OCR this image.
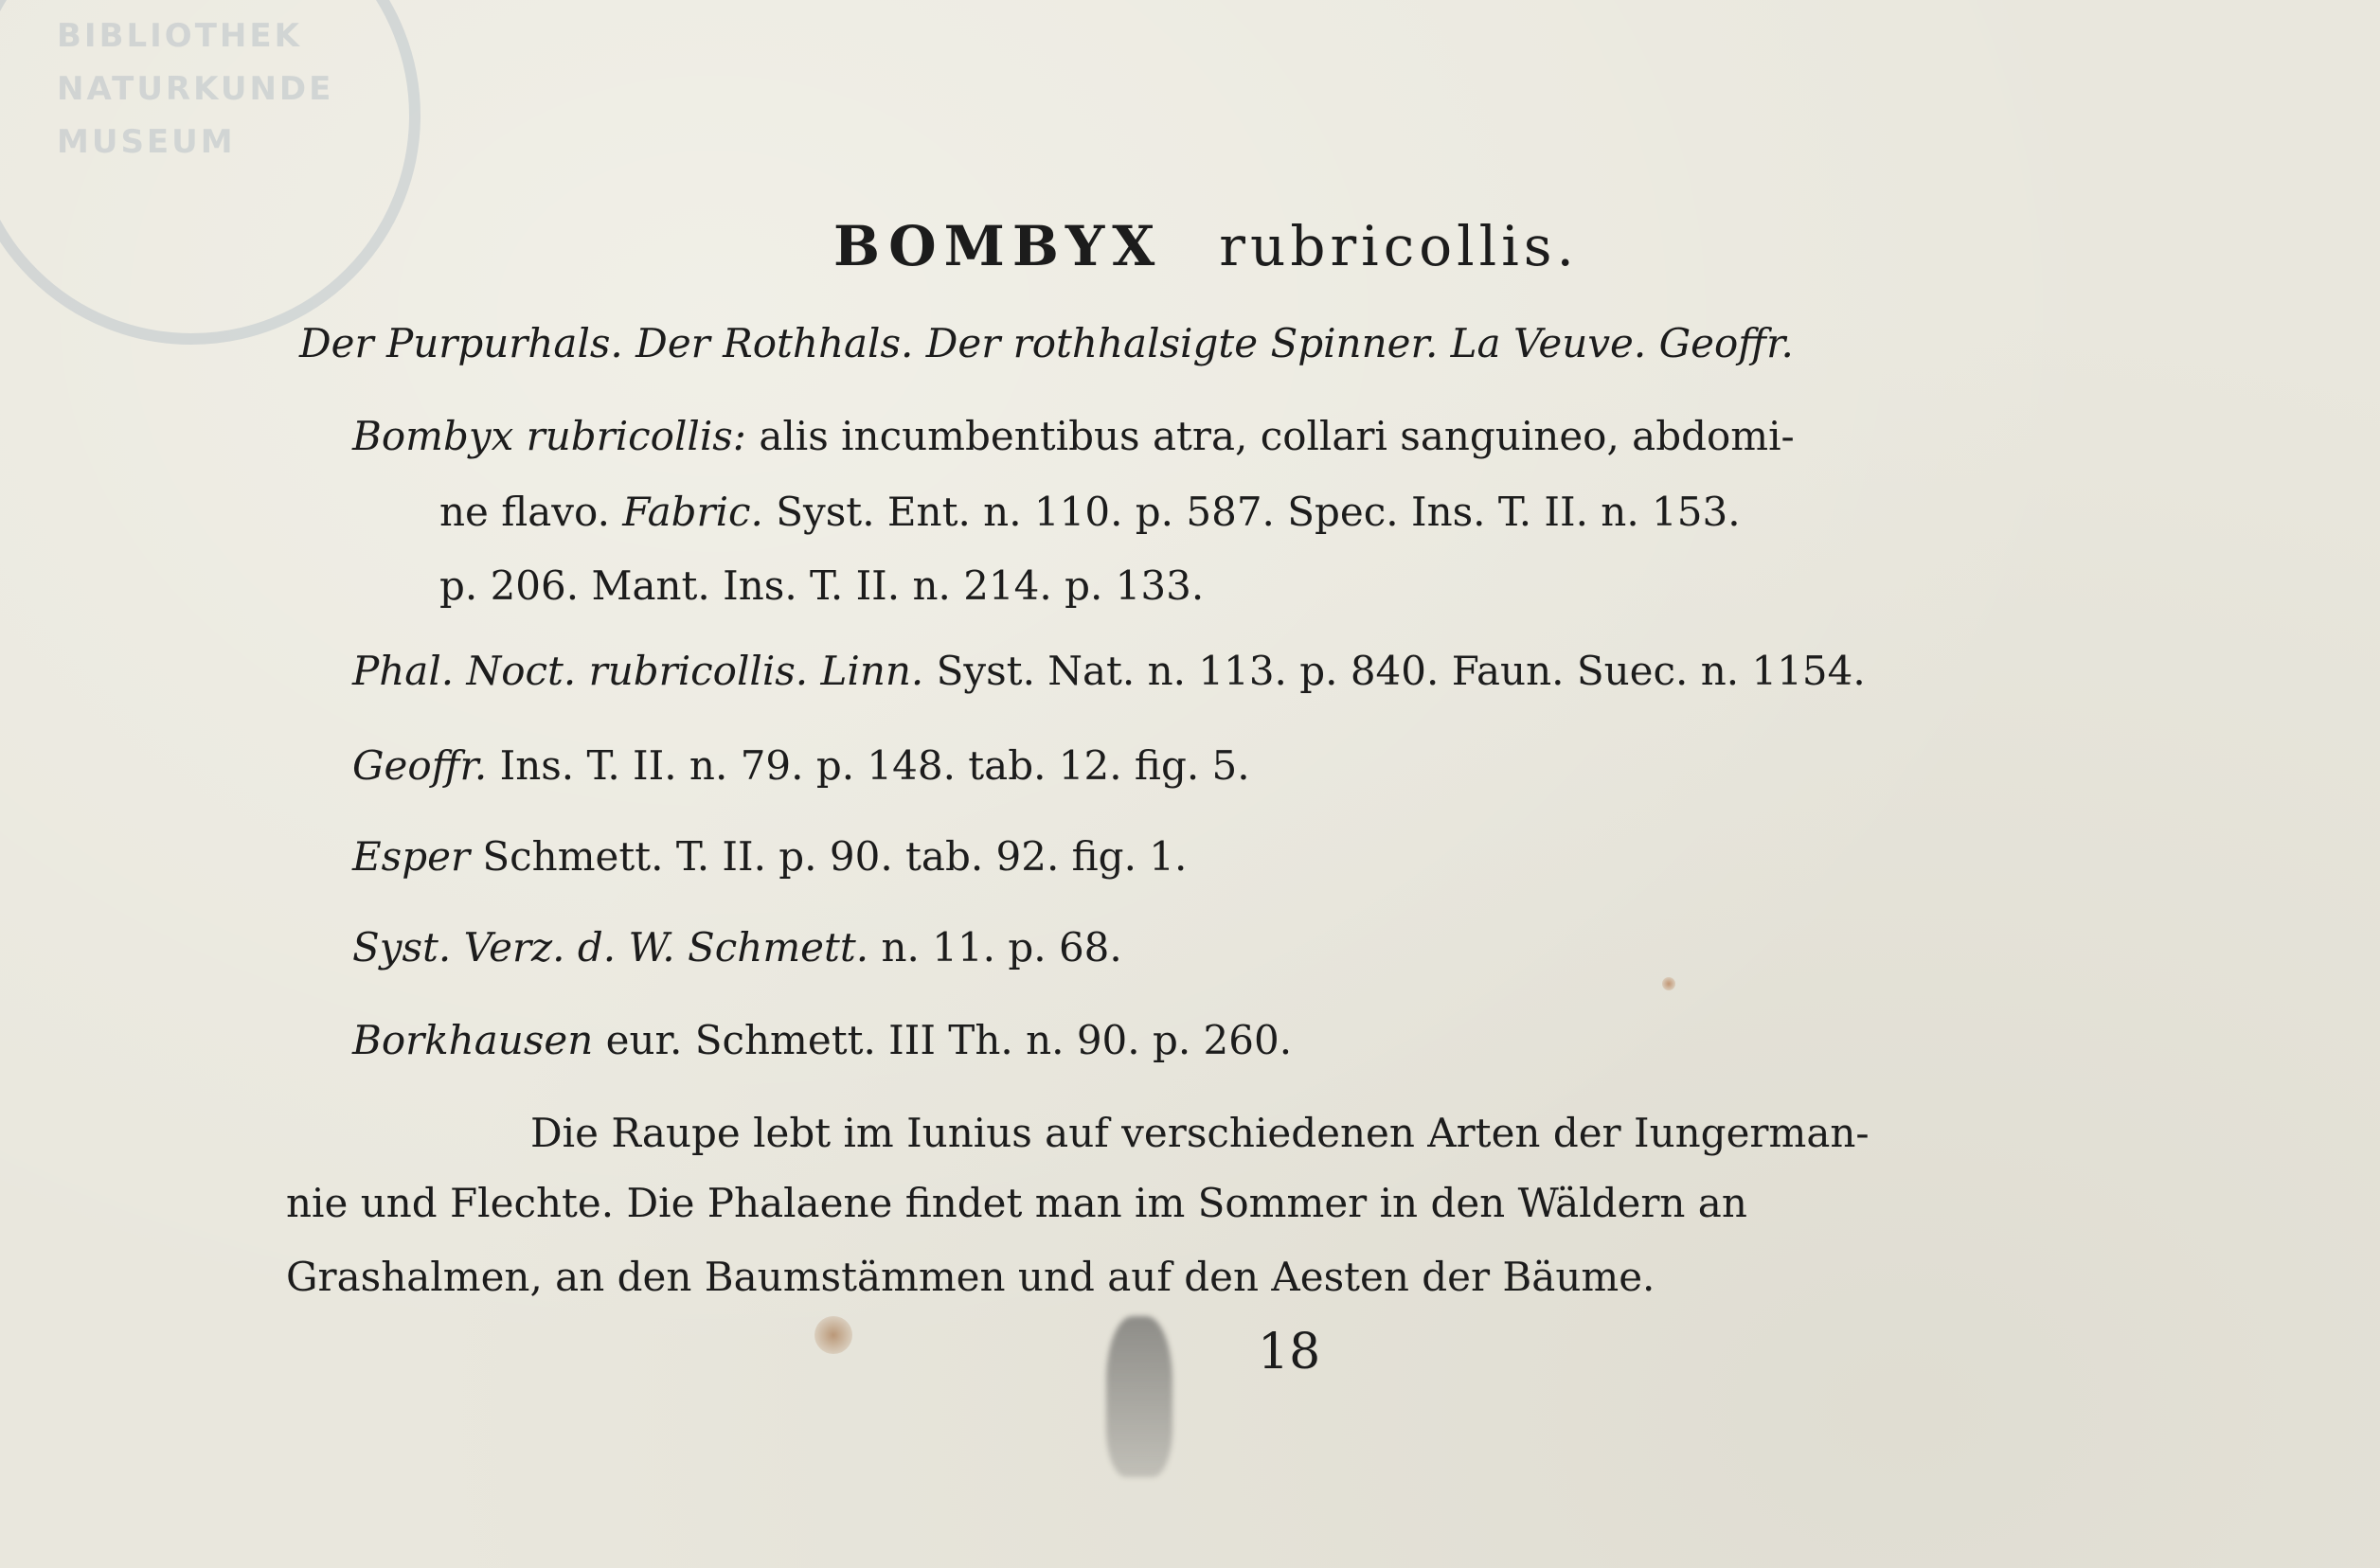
BIBLIOTHEK
NATURKUNDE
MUSEUM
BOMBYX rubricollis.
Der Purpurhals. Der Rothhals. Der rothhalsigte Spinner. La Veuve. Geoffr.
Bombyx rubricollis: alis incumbentibus atra, collari sanguineo, abdomi-
ne flavo. Fabric. Syst. Ent. n. 110. p. 587. Spec. Ins. T. II. n. 153.
p. 206. Mant. Ins. T. II. n. 214. p. 133.
Phal. Noct. rubricollis. Linn. Syst. Nat. n. 113. p. 840. Faun. Suec. n. 1154.
Geoffr. Ins. T. II. n. 79. p. 148. tab. 12. fig. 5.
Esper Schmett. T. II. p. 90. tab. 92. fig. 1.
Syst. Verz. d. W. Schmett. n. 11. p. 68.
Borkhausen eur. Schmett. III Th. n. 90. p. 260.
Die Raupe lebt im Iunius auf verschiedenen Arten der Iungerman-
nie und Flechte. Die Phalaene findet man im Sommer in den Wäldern an
Grashalmen, an den Baumstämmen und auf den Aesten der Bäume.
18
